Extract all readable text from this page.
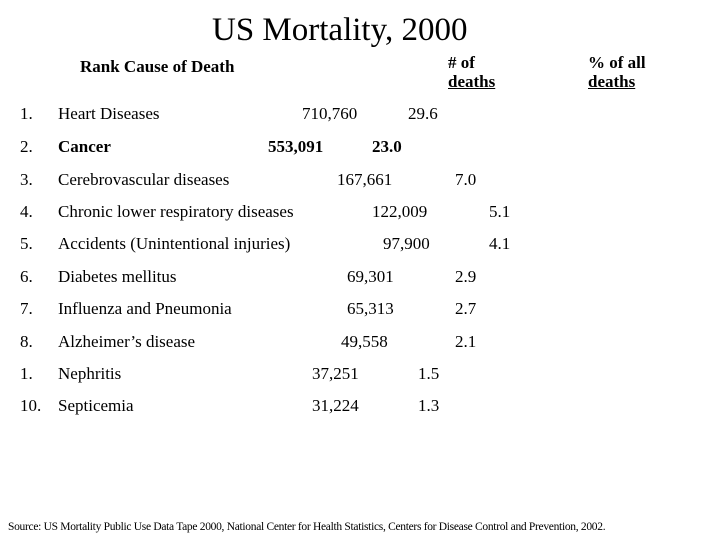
US Mortality, 2000
Rank Cause of Death	# of
deaths
% of all
deaths
1. Heart Diseases	710,760	29.6
2. Cancer	553,091	23.0
3. Cerebrovascular diseases	167,661	7.0
4. Chronic lower respiratory diseases	122,009	5.1
5. Accidents (Unintentional injuries)	97,900	4.1
6. Diabetes mellitus	69,301	2.9
7. Influenza and Pneumonia	65,313	2.7
8. Alzheimer’s disease	49,558	2.1
1. Nephritis	37,251	1.5
10. Septicemia	31,224	1.3
Source: US Mortality Public Use Data Tape 2000, National Center for Health Statistics, Centers for Disease Control and Prevention, 2002.
